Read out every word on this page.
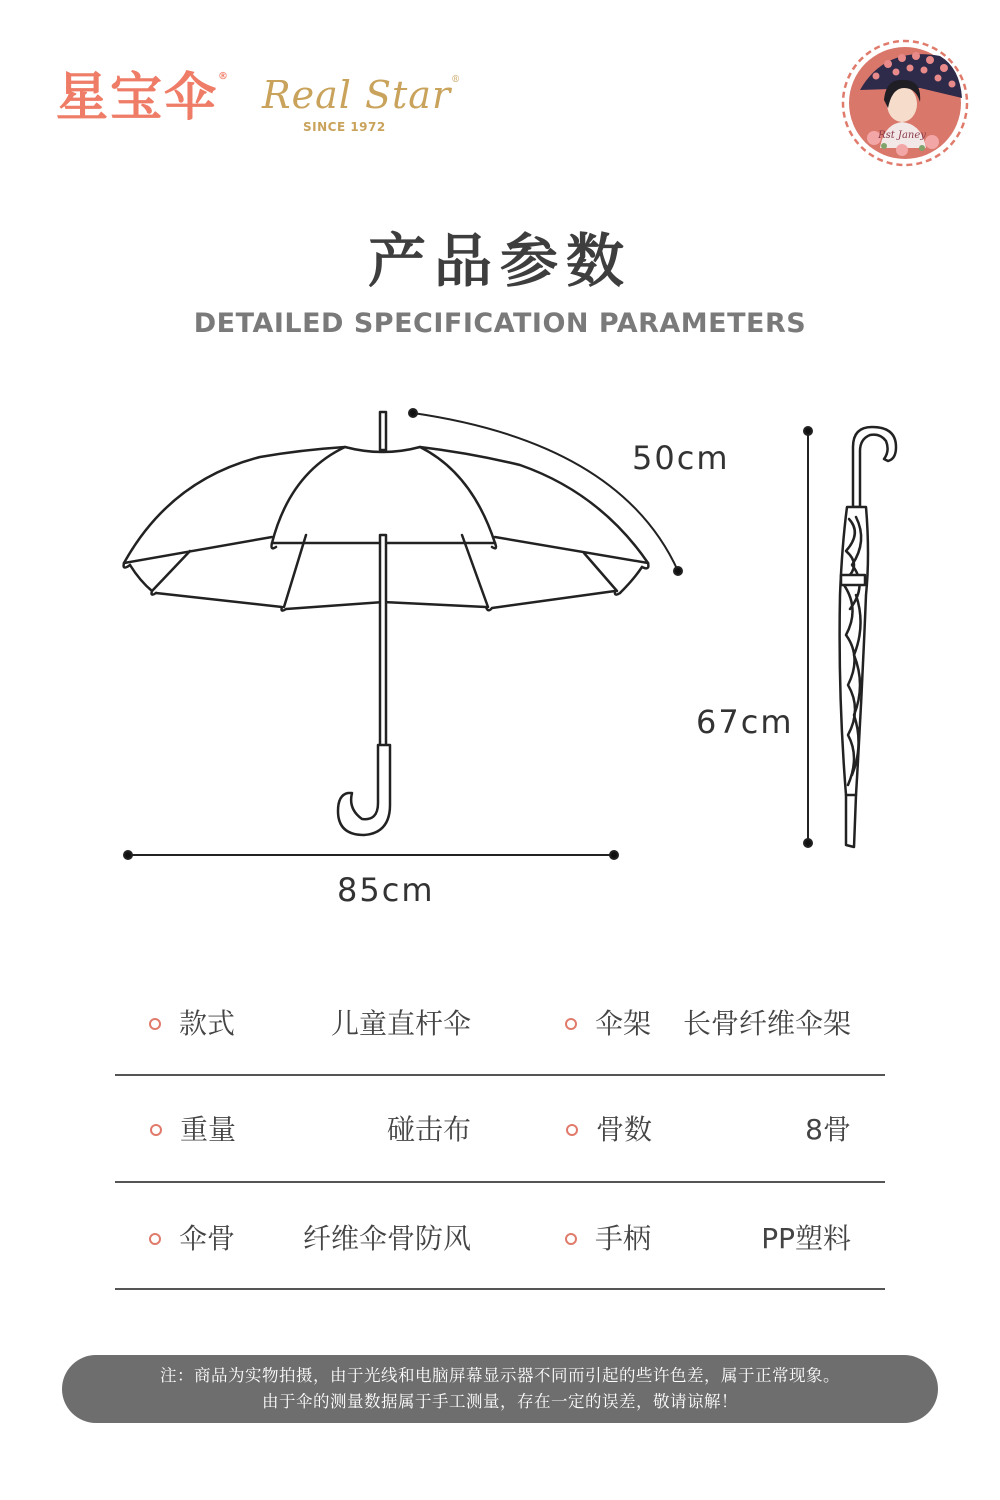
星宝伞® Real Star®
SINCE 1972
Rst Janey
产品参数
DETAILED SPECIFICATION PARAMETERS
50cm
67cm
85cm
款式	儿童直杆伞	伞架 长骨纤维伞架
重量	碰击布	骨数	8骨
伞骨 纤维伞骨防风	手柄	PP塑料
注：商品为实物拍摄，由于光线和电脑屏幕显示器不同而引起的些许色差，属于正常现象。
由于伞的测量数据属于手工测量，存在一定的误差，敬请谅解！
